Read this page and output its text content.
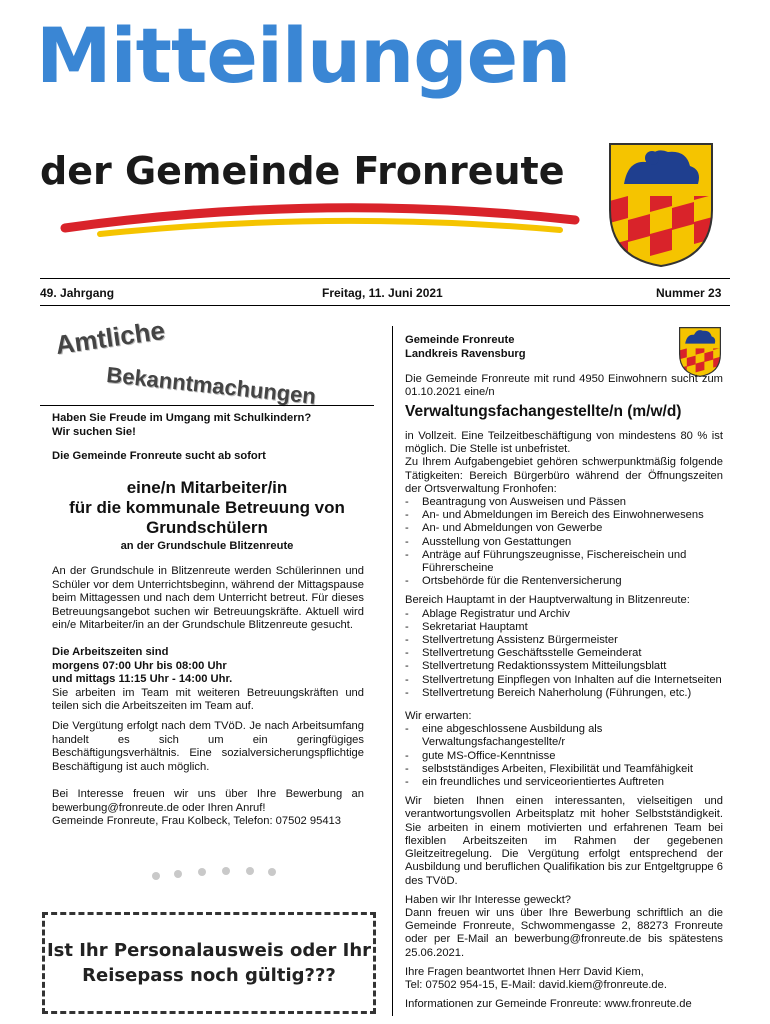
Mitteilungen
der Gemeinde Fronreute
49. Jahrgang	Freitag, 11. Juni 2021	Nummer 23
Amtliche
Bekanntmachungen
Haben Sie Freude im Umgang mit Schulkindern?
Wir suchen Sie!
Die Gemeinde Fronreute sucht ab sofort
eine/n Mitarbeiter/in
für die kommunale Betreuung von
Grundschülern
an der Grundschule Blitzenreute
An der Grundschule in Blitzenreute werden Schülerinnen und Schüler vor dem Unterrichtsbeginn, während der Mittagspause beim Mittagessen und nach dem Unterricht betreut. Für dieses Betreuungsangebot suchen wir Betreuungskräfte. Aktuell wird ein/e Mitarbeiter/in an der Grundschule Blitzenreute gesucht.
Die Arbeitszeiten sind
morgens 07:00 Uhr bis 08:00 Uhr
und mittags 11:15 Uhr - 14:00 Uhr.
Sie arbeiten im Team mit weiteren Betreuungskräften und teilen sich die Arbeitszeiten im Team auf.
Die Vergütung erfolgt nach dem TVöD. Je nach Arbeitsumfang handelt es sich um ein geringfügiges Beschäftigungsverhältnis. Eine sozialversicherungspflichtige Beschäftigung ist auch möglich.
Bei Interesse freuen wir uns über Ihre Bewerbung an bewerbung@fronreute.de oder Ihren Anruf!
Gemeinde Fronreute, Frau Kolbeck, Telefon: 07502 95413
Ist Ihr Personalausweis oder Ihr
Reisepass noch gültig???
Gemeinde Fronreute
Landkreis Ravensburg
Die Gemeinde Fronreute mit rund 4950 Einwohnern sucht zum 01.10.2021 eine/n
Verwaltungsfachangestellte/n (m/w/d)
in Vollzeit. Eine Teilzeitbeschäftigung von mindestens 80 % ist möglich. Die Stelle ist unbefristet.
Zu Ihrem Aufgabengebiet gehören schwerpunktmäßig folgende Tätigkeiten: Bereich Bürgerbüro während der Öffnungszeiten der Ortsverwaltung Fronhofen:
- Beantragung von Ausweisen und Pässen
- An- und Abmeldungen im Bereich des Einwohnerwesens
- An- und Abmeldungen von Gewerbe
- Ausstellung von Gestattungen
- Anträge auf Führungszeugnisse, Fischereischein und Führerscheine
- Ortsbehörde für die Rentenversicherung
Bereich Hauptamt in der Hauptverwaltung in Blitzenreute:
- Ablage Registratur und Archiv
- Sekretariat Hauptamt
- Stellvertretung Assistenz Bürgermeister
- Stellvertretung Geschäftsstelle Gemeinderat
- Stellvertretung Redaktionssystem Mitteilungsblatt
- Stellvertretung Einpflegen von Inhalten auf die Internetseiten
- Stellvertretung Bereich Naherholung (Führungen, etc.)
Wir erwarten:
- eine abgeschlossene Ausbildung als Verwaltungsfachangestellte/r
- gute MS-Office-Kenntnisse
- selbstständiges Arbeiten, Flexibilität und Teamfähigkeit
- ein freundliches und serviceorientiertes Auftreten
Wir bieten Ihnen einen interessanten, vielseitigen und verantwortungsvollen Arbeitsplatz mit hoher Selbstständigkeit. Sie arbeiten in einem motivierten und erfahrenen Team bei flexiblen Arbeitszeiten im Rahmen der gegebenen Gleitzeitregelung. Die Vergütung erfolgt entsprechend der Ausbildung und beruflichen Qualifikation bis zur Entgeltgruppe 6 des TVöD.
Haben wir Ihr Interesse geweckt?
Dann freuen wir uns über Ihre Bewerbung schriftlich an die Gemeinde Fronreute, Schwommengasse 2, 88273 Fronreute oder per E-Mail an bewerbung@fronreute.de bis spätestens 25.06.2021.
Ihre Fragen beantwortet Ihnen Herr David Kiem,
Tel: 07502 954-15, E-Mail: david.kiem@fronreute.de.
Informationen zur Gemeinde Fronreute: www.fronreute.de
